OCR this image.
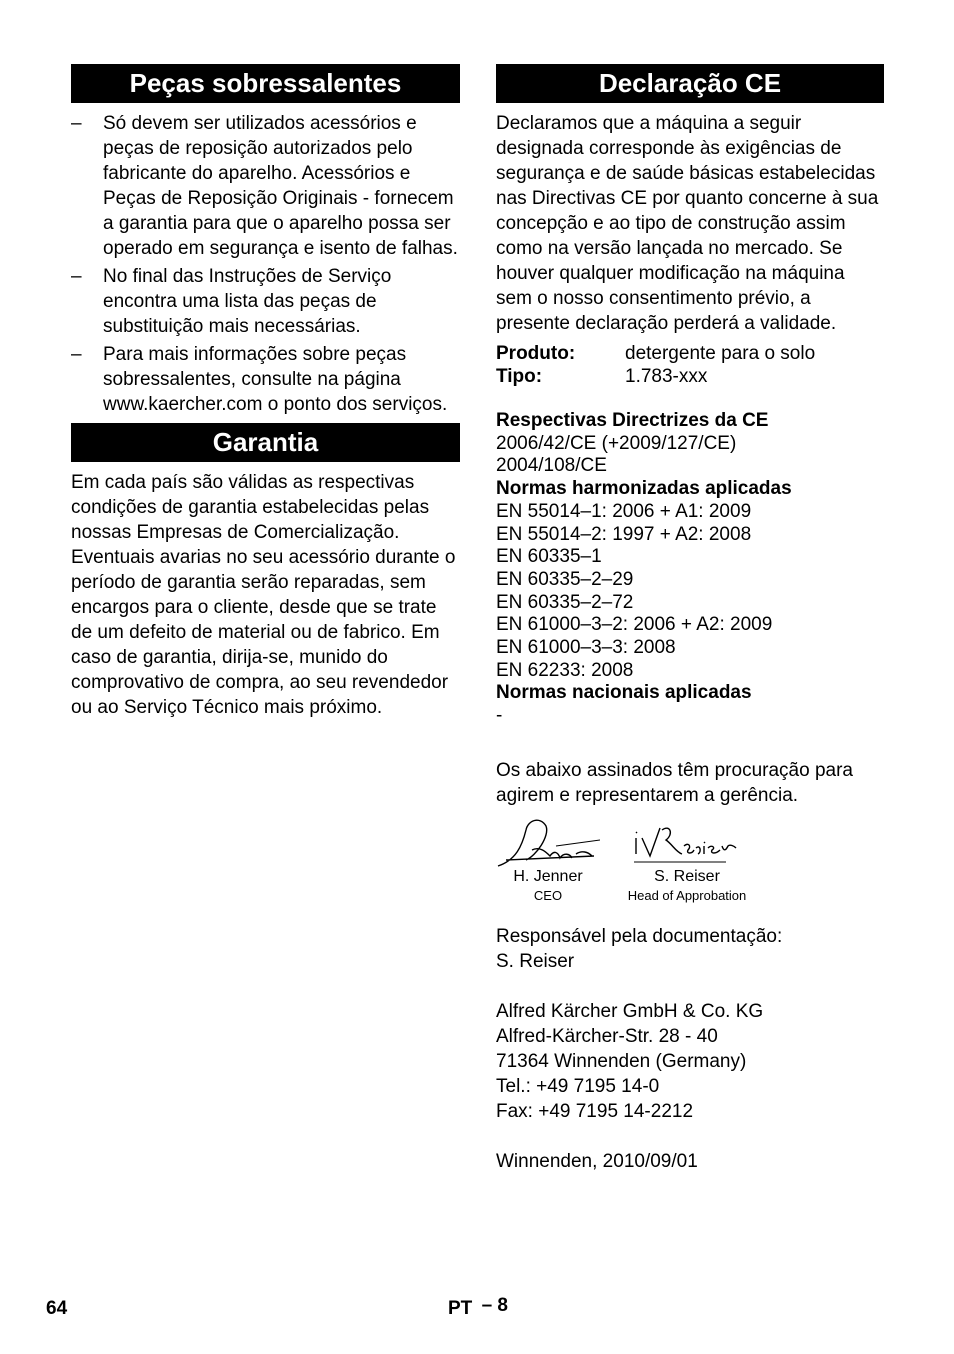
Peças sobressalentes
– Só devem ser utilizados acessórios e peças de reposição autorizados pelo fabricante do aparelho. Acessórios e Peças de Reposição Originais - fornecem a garantia para que o aparelho possa ser operado em segurança e isento de falhas.
– No final das Instruções de Serviço encontra uma lista das peças de substituição mais necessárias.
– Para mais informações sobre peças sobressalentes, consulte na página www.kaercher.com o ponto dos serviços.
Garantia

Em cada país são válidas as respectivas condições de garantia estabelecidas pelas nossas Empresas de Comercialização. Eventuais avarias no seu acessório durante o período de garantia serão reparadas, sem encargos para o cliente, desde que se trate de um defeito de material ou de fabrico. Em caso de garantia, dirija-se, munido do comprovativo de compra, ao seu revendedor ou ao Serviço Técnico mais próximo.

Declaração CE

Declaramos que a máquina a seguir designada corresponde às exigências de segurança e de saúde básicas estabelecidas nas Directivas CE por quanto concerne à sua concepção e ao tipo de construção assim como na versão lançada no mercado. Se houver qualquer modificação na máquina sem o nosso consentimento prévio, a presente declaração perderá a validade.

Produto:	detergente para o solo
Tipo:	1.783-xxx
Respectivas Directrizes da CE
2006/42/CE (+2009/127/CE)
2004/108/CE
Normas harmonizadas aplicadas
EN 55014–1: 2006 + A1: 2009
EN 55014–2: 1997 + A2: 2008
EN 60335–1
EN 60335–2–29
EN 60335–2–72
EN 61000–3–2: 2006 + A2: 2009
EN 61000–3–3: 2008
EN 62233: 2008
Normas nacionais aplicadas
-

Os abaixo assinados têm procuração para agirem e representarem a gerência.

H. Jenner
CEO
S. Reiser
Head of Approbation
Responsável pela documentação:
S. Reiser
Alfred Kärcher GmbH & Co. KG
Alfred-Kärcher-Str. 28 - 40
71364 Winnenden (Germany)
Tel.: +49 7195 14-0
Fax: +49 7195 14-2212
Winnenden, 2010/09/01
64	PT – 8
